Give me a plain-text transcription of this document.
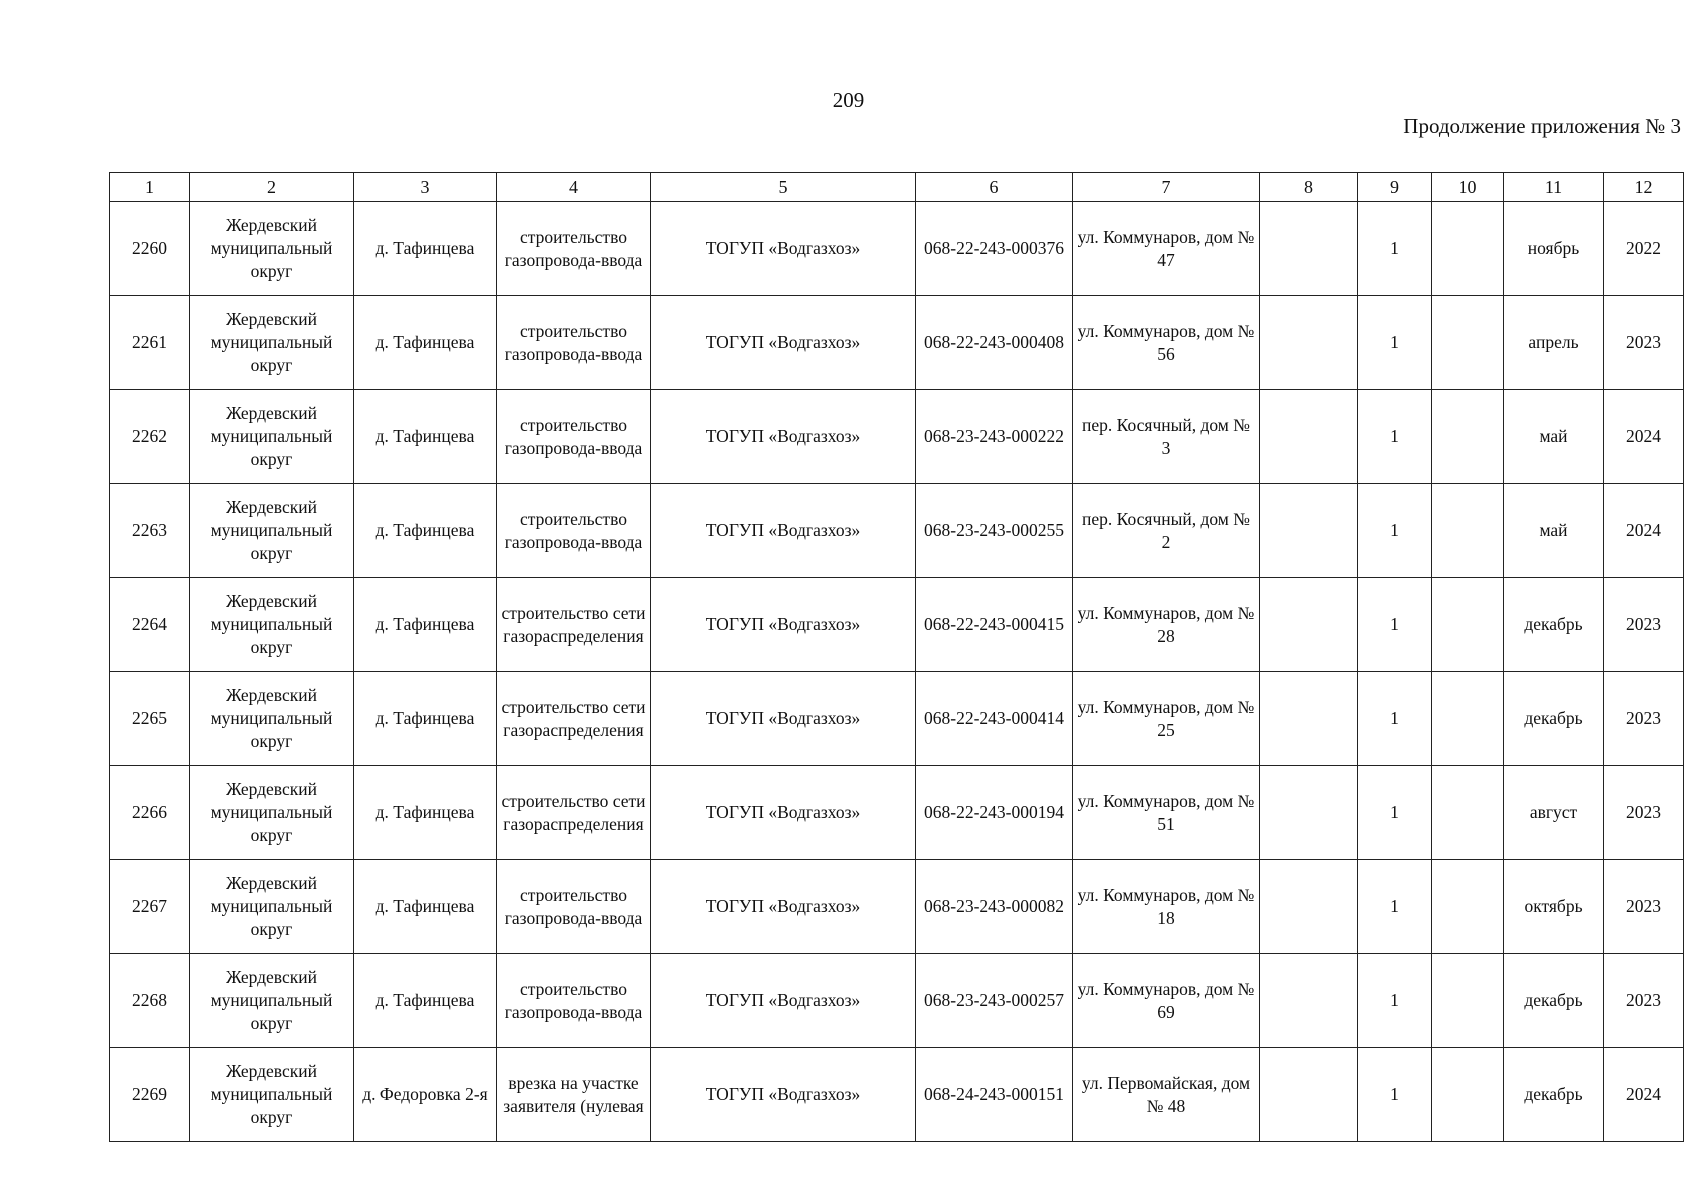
209
Продолжение приложения № 3
1	2	3	4	5	6	7	8	9	10	11	12
2260	Жердевский муниципальный округ	д. Тафинцева	строительство газопровода-ввода	ТОГУП «Водгазхоз»	068-22-243-000376	ул. Коммунаров, дом № 47		1		ноябрь	2022
2261	Жердевский муниципальный округ	д. Тафинцева	строительство газопровода-ввода	ТОГУП «Водгазхоз»	068-22-243-000408	ул. Коммунаров, дом № 56		1		апрель	2023
2262	Жердевский муниципальный округ	д. Тафинцева	строительство газопровода-ввода	ТОГУП «Водгазхоз»	068-23-243-000222	пер. Косячный, дом № 3		1		май	2024
2263	Жердевский муниципальный округ	д. Тафинцева	строительство газопровода-ввода	ТОГУП «Водгазхоз»	068-23-243-000255	пер. Косячный, дом № 2		1		май	2024
2264	Жердевский муниципальный округ	д. Тафинцева	строительство сети газораспределения	ТОГУП «Водгазхоз»	068-22-243-000415	ул. Коммунаров, дом № 28		1		декабрь	2023
2265	Жердевский муниципальный округ	д. Тафинцева	строительство сети газораспределения	ТОГУП «Водгазхоз»	068-22-243-000414	ул. Коммунаров, дом № 25		1		декабрь	2023
2266	Жердевский муниципальный округ	д. Тафинцева	строительство сети газораспределения	ТОГУП «Водгазхоз»	068-22-243-000194	ул. Коммунаров, дом № 51		1		август	2023
2267	Жердевский муниципальный округ	д. Тафинцева	строительство газопровода-ввода	ТОГУП «Водгазхоз»	068-23-243-000082	ул. Коммунаров, дом № 18		1		октябрь	2023
2268	Жердевский муниципальный округ	д. Тафинцева	строительство газопровода-ввода	ТОГУП «Водгазхоз»	068-23-243-000257	ул. Коммунаров, дом № 69		1		декабрь	2023
2269	Жердевский муниципальный округ	д. Федоровка 2-я	врезка на участке заявителя (нулевая	ТОГУП «Водгазхоз»	068-24-243-000151	ул. Первомайская, дом № 48		1		декабрь	2024
